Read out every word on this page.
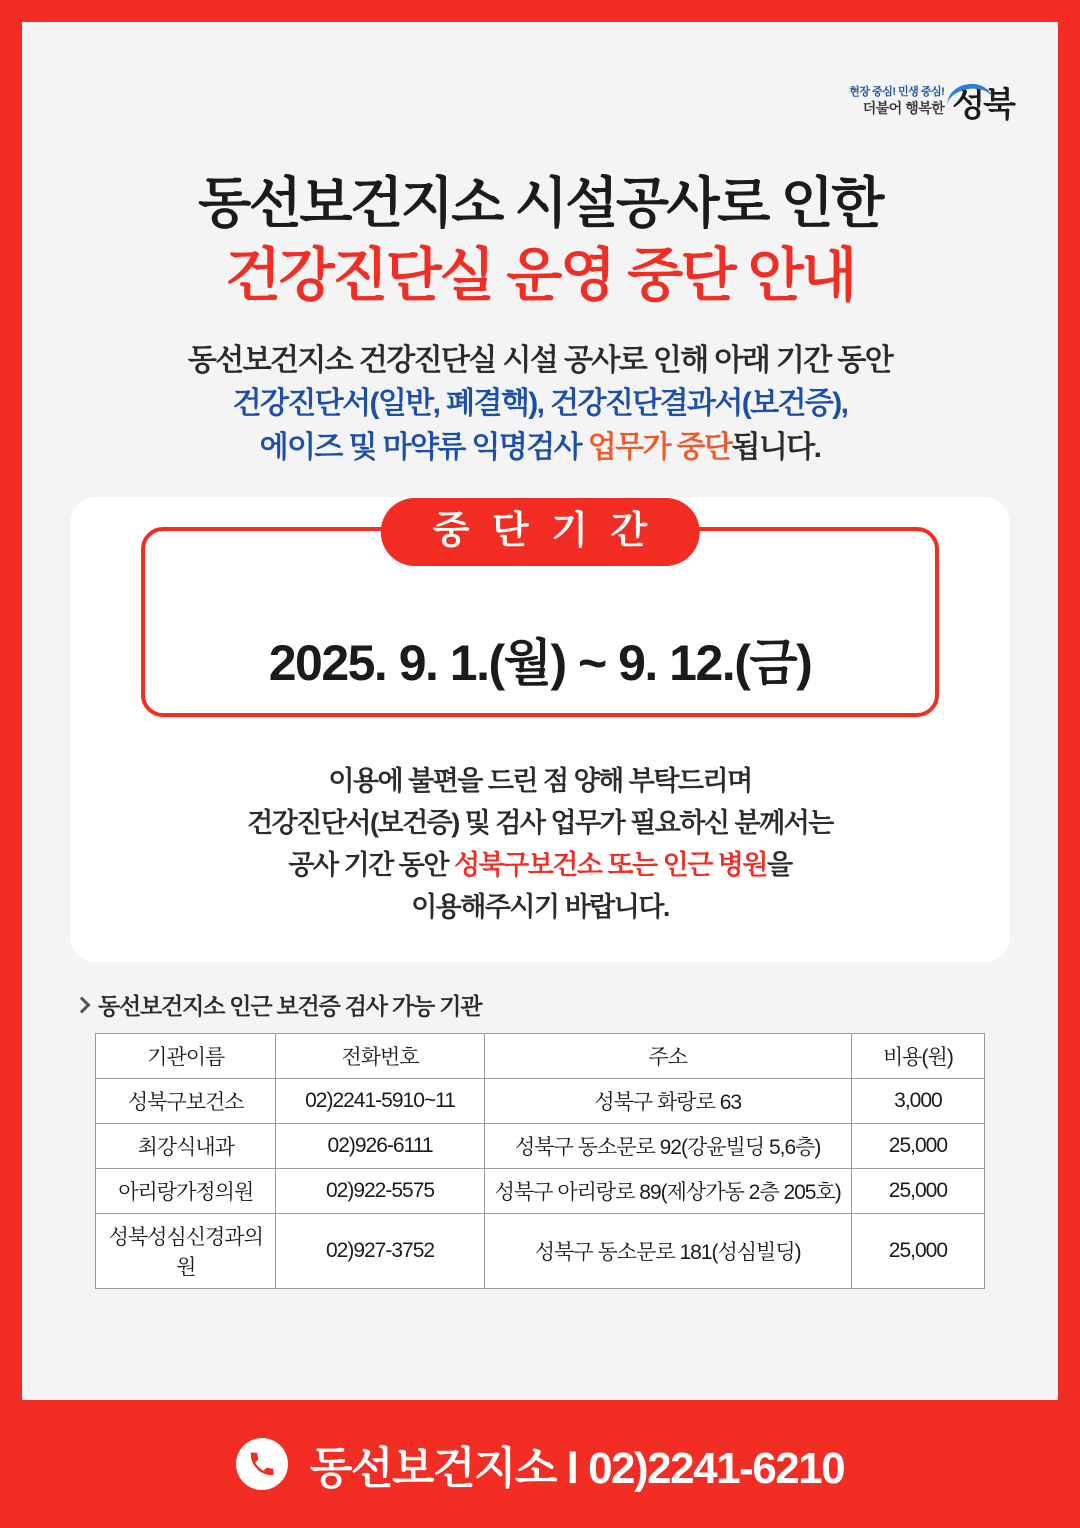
현장 중심! 민생 중심!
더불어 행복한 성북
동선보건지소 시설공사로 인한
건강진단실 운영 중단 안내
동선보건지소 건강진단실 시설 공사로 인해 아래 기간 동안
건강진단서(일반, 폐결핵), 건강진단결과서(보건증),
에이즈 및 마약류 익명검사 업무가 중단됩니다.
중 단 기 간
2025. 9. 1.(월) ~ 9. 12.(금)
이용에 불편을 드린 점 양해 부탁드리며
건강진단서(보건증) 및 검사 업무가 필요하신 분께서는
공사 기간 동안 성북구보건소 또는 인근 병원을
이용해주시기 바랍니다.
동선보건지소 인근 보건증 검사 가능 기관
기관이름	전화번호	주소	비용(원)
성북구보건소	02)2241-5910~11	성북구 화랑로 63	3,000
최강식내과	02)926-6111	성북구 동소문로 92(강윤빌딩 5,6층)	25,000
아리랑가정의원	02)922-5575	성북구 아리랑로 89(제상가동 2층 205호)	25,000
성북성심신경과의원	02)927-3752	성북구 동소문로 181(성심빌딩)	25,000
동선보건지소 l 02)2241-6210
